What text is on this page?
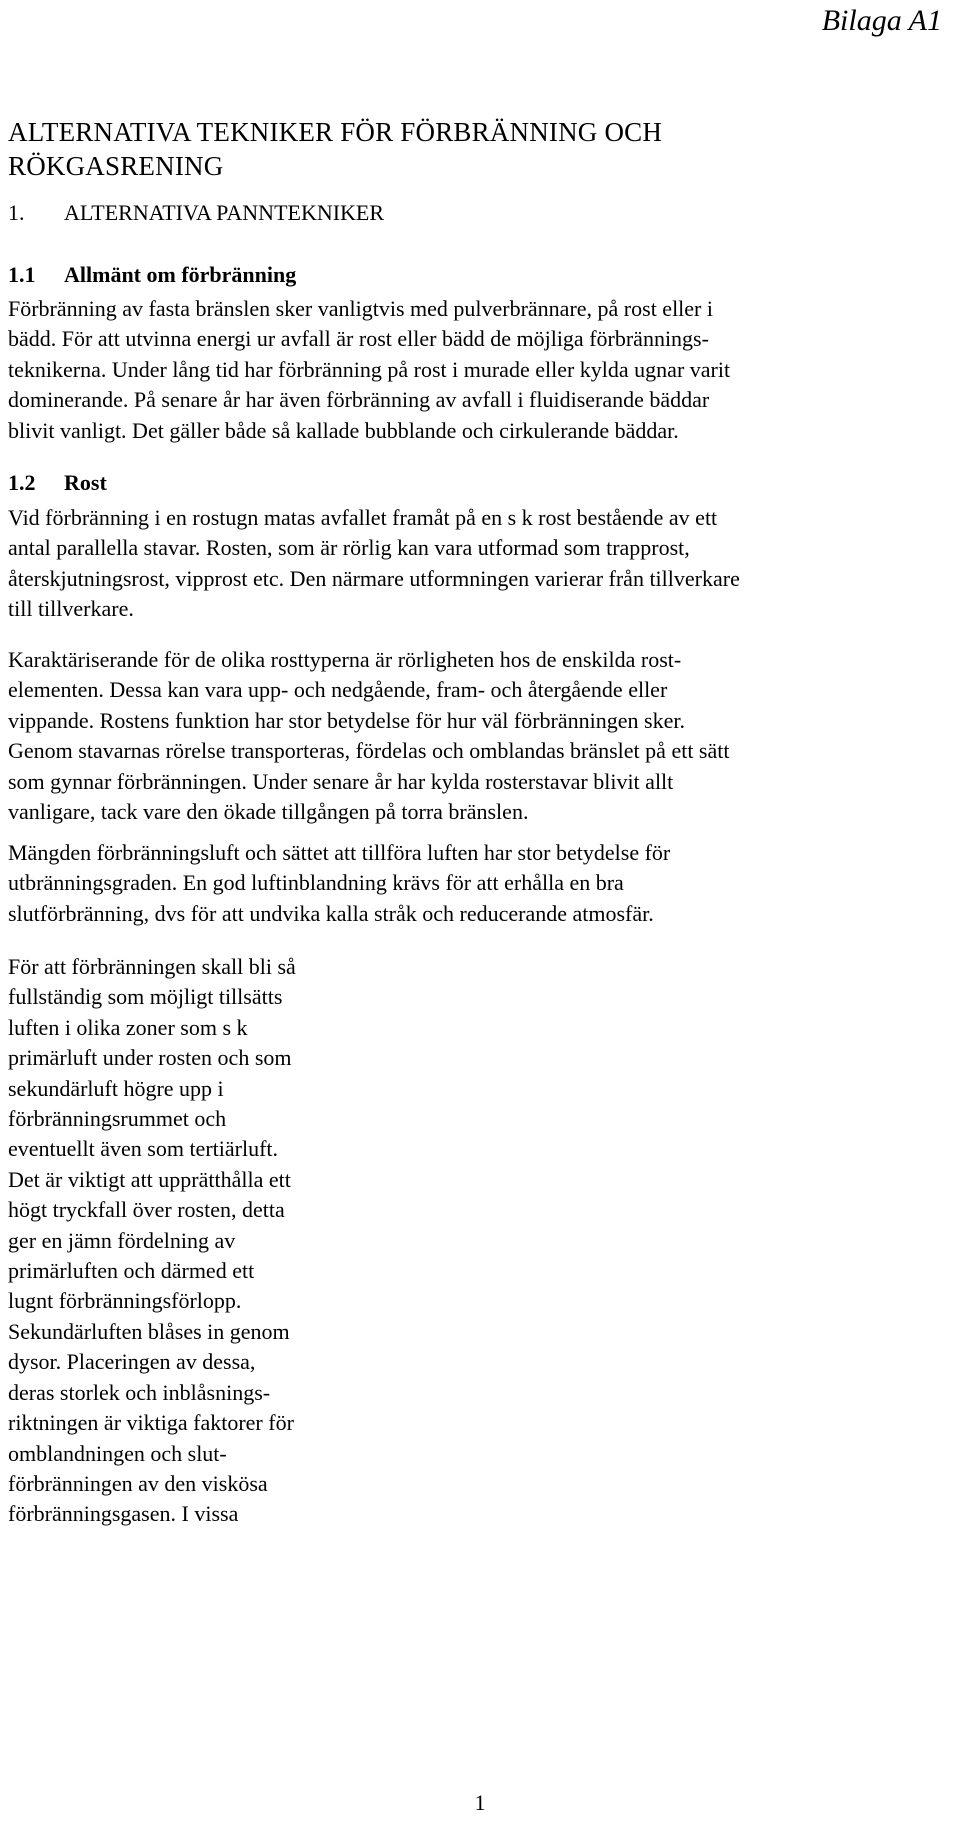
Bilaga A1
ALTERNATIVA TEKNIKER FÖR FÖRBRÄNNING OCH
RÖKGASRENING
1. ALTERNATIVA PANNTEKNIKER
1.1 Allmänt om förbränning

Förbränning av fasta bränslen sker vanligtvis med pulverbrännare, på rost eller i
bädd. För att utvinna energi ur avfall är rost eller bädd de möjliga förbrännings-
teknikerna. Under lång tid har förbränning på rost i murade eller kylda ugnar varit
dominerande. På senare år har även förbränning av avfall i fluidiserande bäddar
blivit vanligt. Det gäller både så kallade bubblande och cirkulerande bäddar.

1.2 Rost

Vid förbränning i en rostugn matas avfallet framåt på en s k rost bestående av ett
antal parallella stavar. Rosten, som är rörlig kan vara utformad som trapprost,
återskjutningsrost, vipprost etc. Den närmare utformningen varierar från tillverkare
till tillverkare.

Karaktäriserande för de olika rosttyperna är rörligheten hos de enskilda rost-
elementen. Dessa kan vara upp- och nedgående, fram- och återgående eller
vippande. Rostens funktion har stor betydelse för hur väl förbränningen sker.
Genom stavarnas rörelse transporteras, fördelas och omblandas bränslet på ett sätt
som gynnar förbränningen. Under senare år har kylda rosterstavar blivit allt
vanligare, tack vare den ökade tillgången på torra bränslen.

Mängden förbränningsluft och sättet att tillföra luften har stor betydelse för
utbränningsgraden. En god luftinblandning krävs för att erhålla en bra
slutförbränning, dvs för att undvika kalla stråk och reducerande atmosfär.

För att förbränningen skall bli så
fullständig som möjligt tillsätts
luften i olika zoner som s k
primärluft under rosten och som
sekundärluft högre upp i
förbränningsrummet och
eventuellt även som tertiärluft.
Det är viktigt att upprätthålla ett
högt tryckfall över rosten, detta
ger en jämn fördelning av
primärluften och därmed ett
lugnt förbränningsförlopp.
Sekundärluften blåses in genom
dysor. Placeringen av dessa,
deras storlek och inblåsnings-
riktningen är viktiga faktorer för
omblandningen och slut-
förbränningen av den viskösa
förbränningsgasen. I vissa

1
